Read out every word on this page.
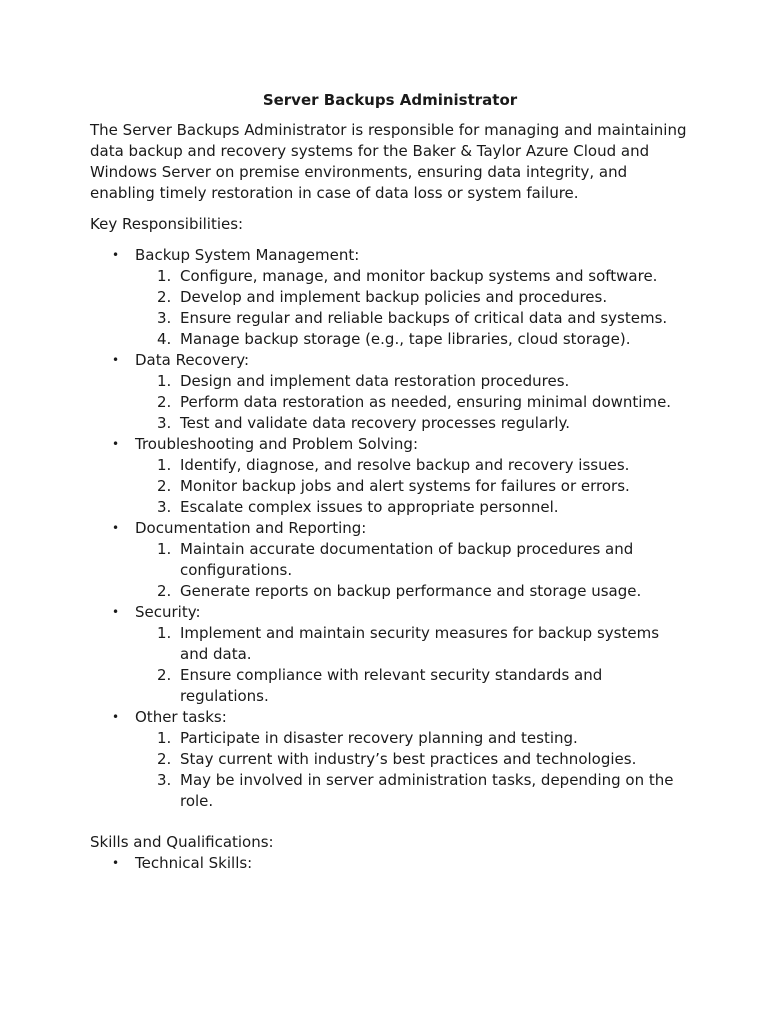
Server Backups Administrator

The Server Backups Administrator is responsible for managing and maintaining data backup and recovery systems for the Baker & Taylor Azure Cloud and Windows Server on premise environments, ensuring data integrity, and enabling timely restoration in case of data loss or system failure.

Key Responsibilities:

• Backup System Management:
1. Configure, manage, and monitor backup systems and software.
2. Develop and implement backup policies and procedures.
3. Ensure regular and reliable backups of critical data and systems.
4. Manage backup storage (e.g., tape libraries, cloud storage).
• Data Recovery:
1. Design and implement data restoration procedures.
2. Perform data restoration as needed, ensuring minimal downtime.
3. Test and validate data recovery processes regularly.
• Troubleshooting and Problem Solving:
1. Identify, diagnose, and resolve backup and recovery issues.
2. Monitor backup jobs and alert systems for failures or errors.
3. Escalate complex issues to appropriate personnel.
• Documentation and Reporting:
1. Maintain accurate documentation of backup procedures and configurations.
2. Generate reports on backup performance and storage usage.
• Security:
1. Implement and maintain security measures for backup systems and data.
2. Ensure compliance with relevant security standards and regulations.
• Other tasks:
1. Participate in disaster recovery planning and testing.
2. Stay current with industry’s best practices and technologies.
3. May be involved in server administration tasks, depending on the role.

Skills and Qualifications:

• Technical Skills:
